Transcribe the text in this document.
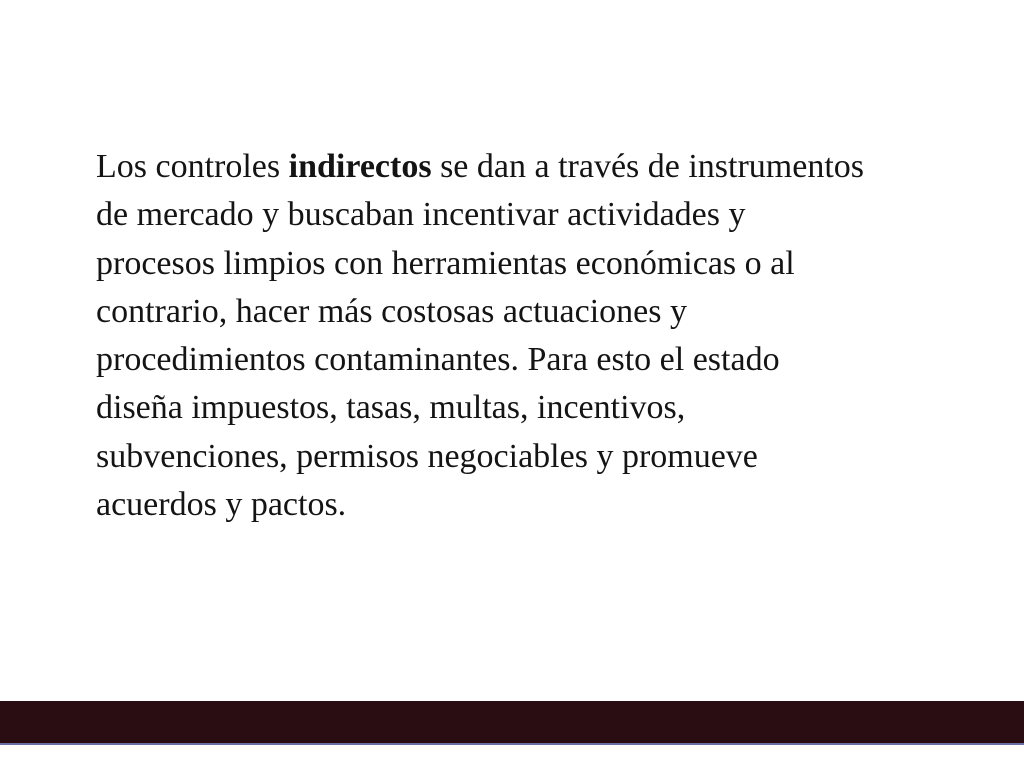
Los controles indirectos se dan a través de instrumentos
de mercado y buscaban incentivar actividades y
procesos limpios con herramientas económicas o al
contrario, hacer más costosas actuaciones y
procedimientos contaminantes. Para esto el estado
diseña impuestos, tasas, multas, incentivos,
subvenciones, permisos negociables y promueve
acuerdos y pactos.
